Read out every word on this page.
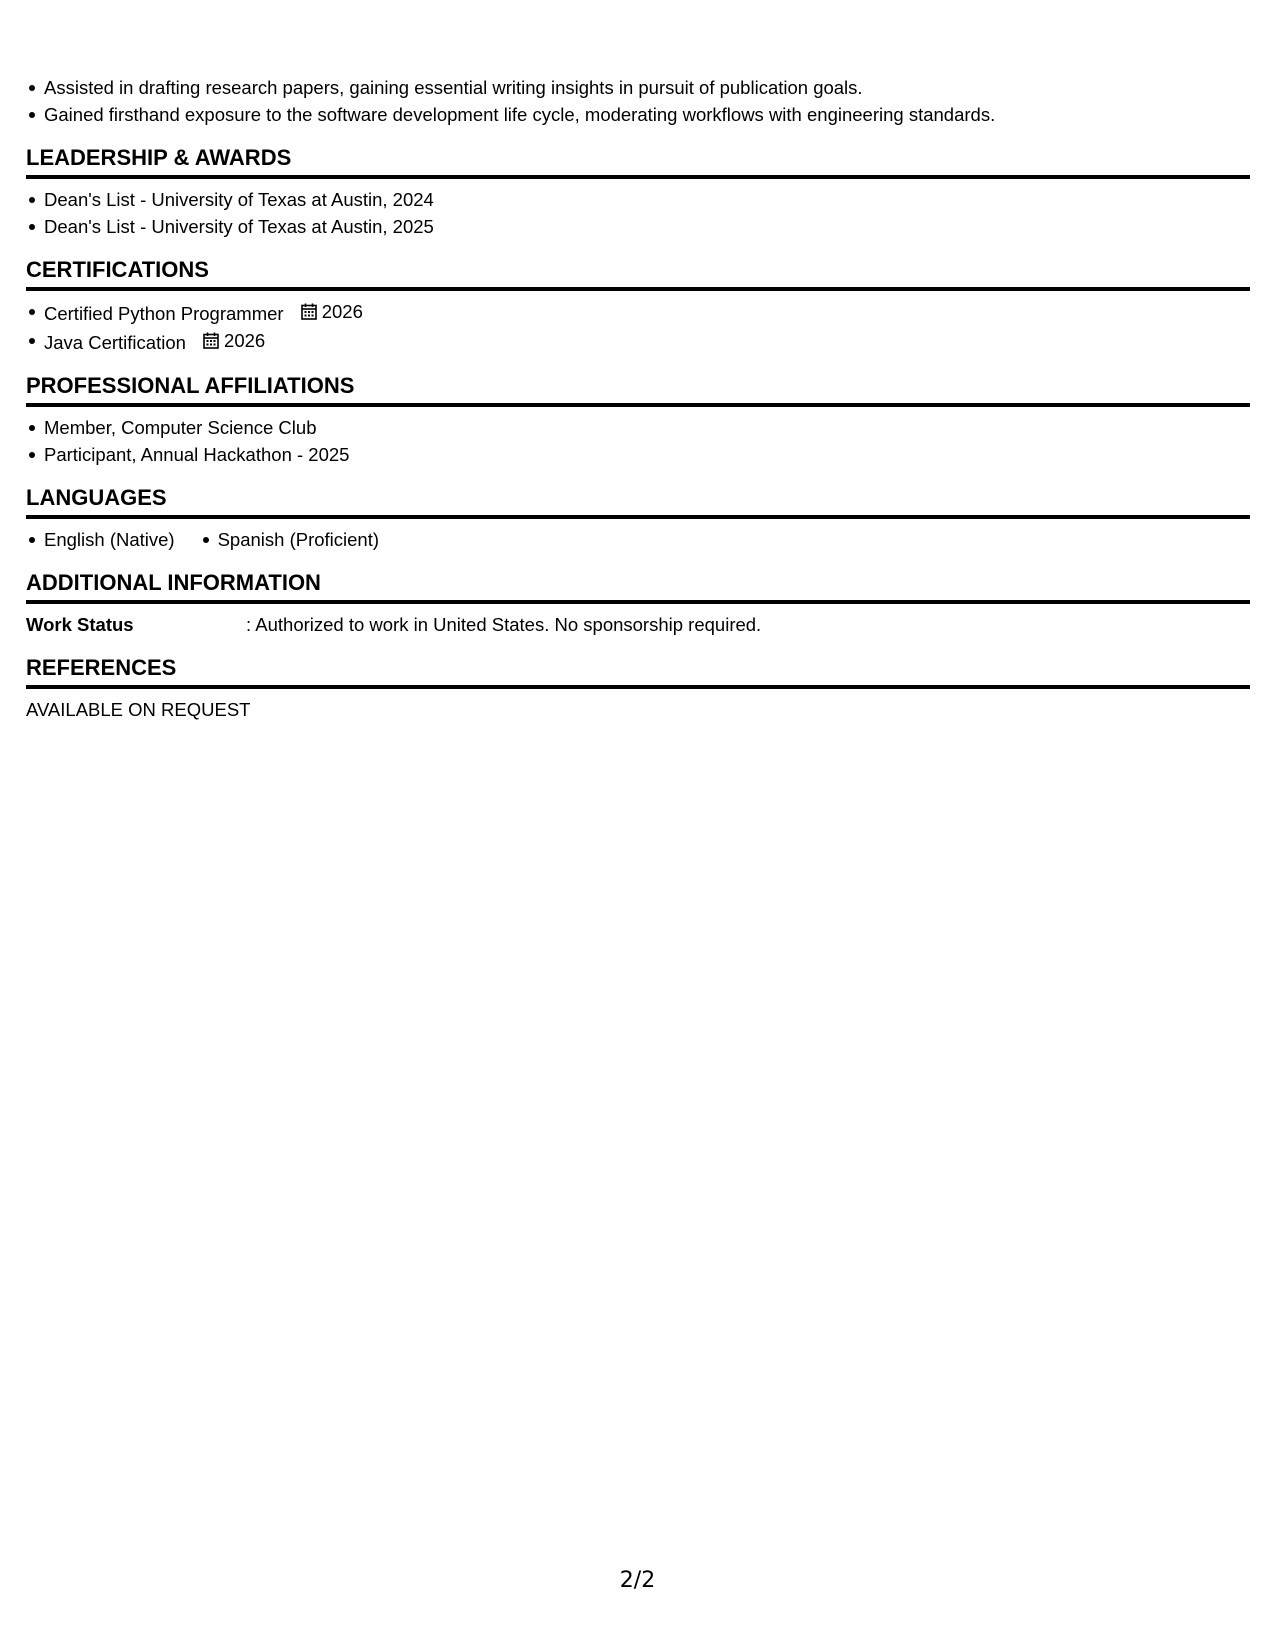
Assisted in drafting research papers, gaining essential writing insights in pursuit of publication goals.
Gained firsthand exposure to the software development life cycle, moderating workflows with engineering standards.
LEADERSHIP & AWARDS
Dean's List - University of Texas at Austin, 2024
Dean's List - University of Texas at Austin, 2025
CERTIFICATIONS
Certified Python Programmer 2026
Java Certification 2026
PROFESSIONAL AFFILIATIONS
Member, Computer Science Club
Participant, Annual Hackathon - 2025
LANGUAGES
English (Native) Spanish (Proficient)
ADDITIONAL INFORMATION
Work Status	: Authorized to work in United States. No sponsorship required.
REFERENCES
AVAILABLE ON REQUEST
2/2
